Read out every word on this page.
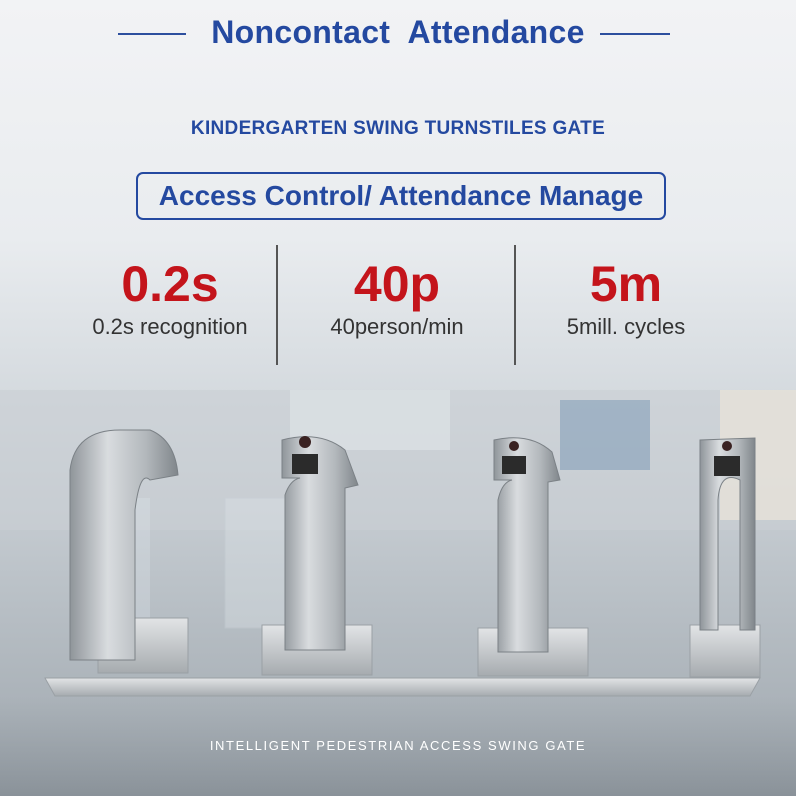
Noncontact  Attendance
KINDERGARTEN SWING TURNSTILES GATE
Access Control/ Attendance Manage
0.2s
0.2s recognition
40p
40person/min
5m
5mill. cycles
INTELLIGENT PEDESTRIAN ACCESS SWING GATE
